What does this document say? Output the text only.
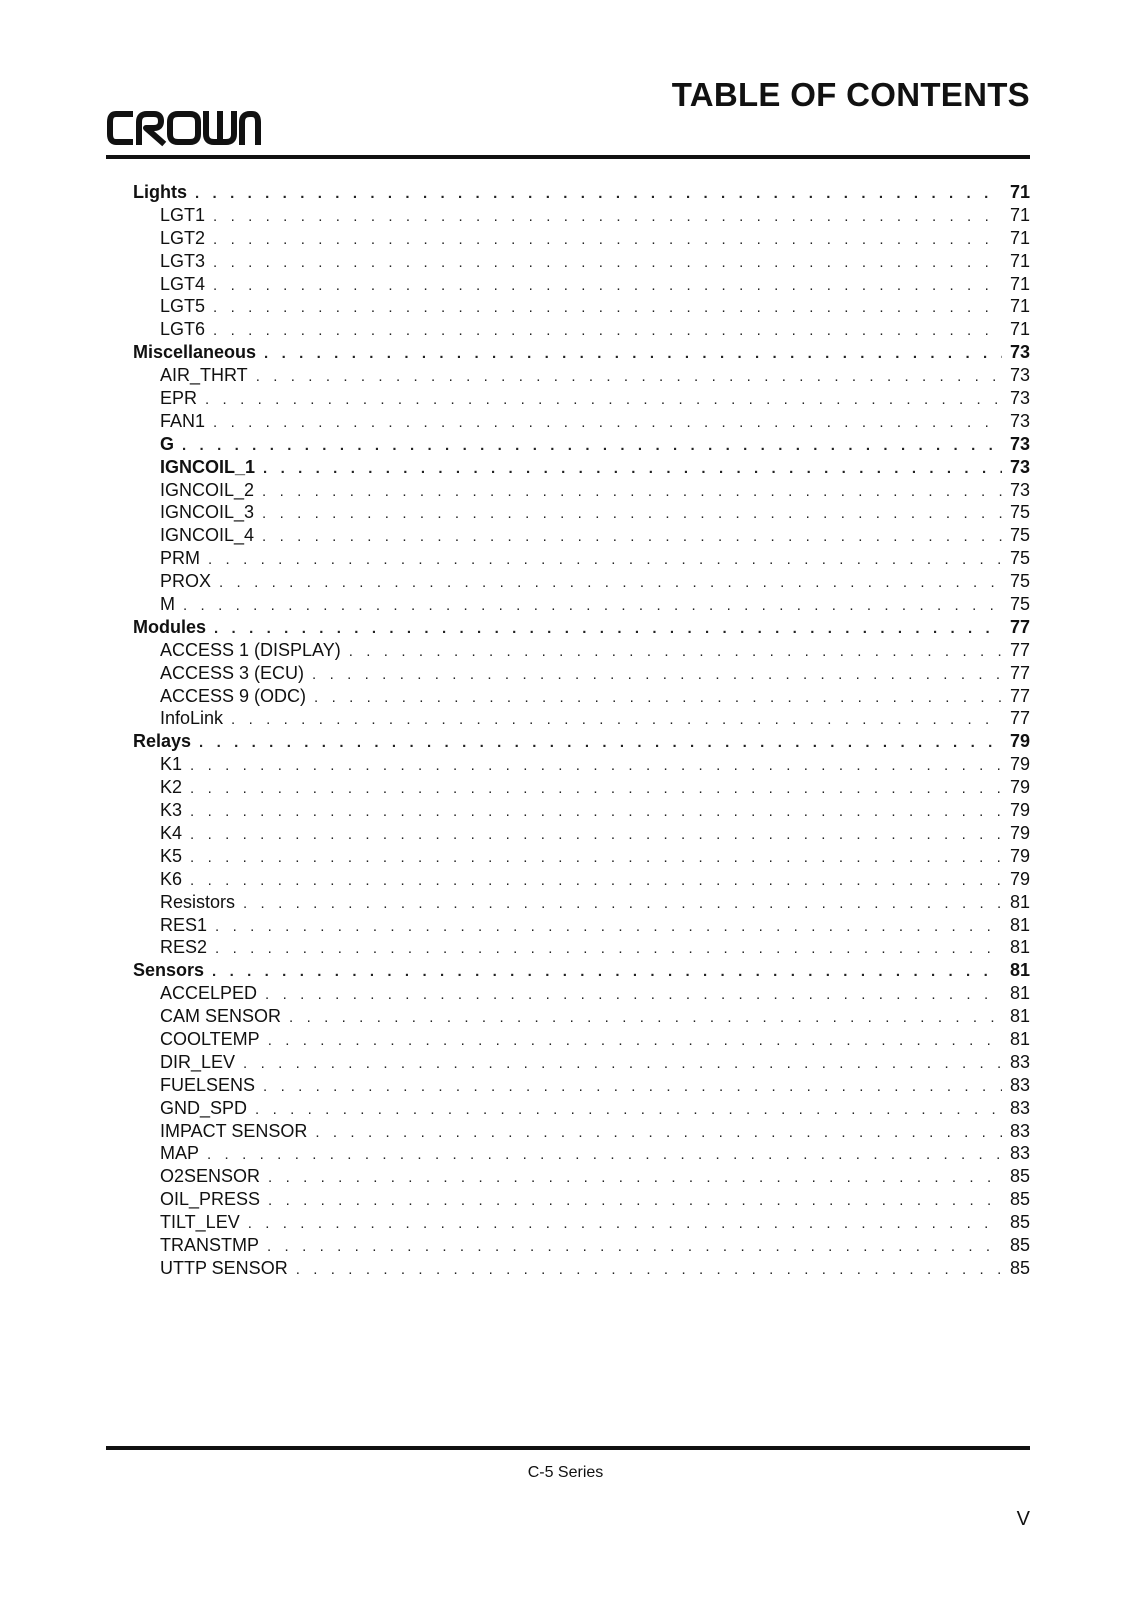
TABLE OF CONTENTS
Lights . . .	71
LGT1 . . .	71
LGT2 . . .	71
LGT3 . . .	71
LGT4 . . .	71
LGT5 . . .	71
LGT6 . . .	71
Miscellaneous . . .	73
AIR_THRT . . .	73
EPR . . .	73
FAN1 . . .	73
G . . .	73
IGNCOIL_1 . . .	73
IGNCOIL_2 . . .	73
IGNCOIL_3 . . .	75
IGNCOIL_4 . . .	75
PRM . . .	75
PROX . . .	75
M . . .	75
Modules . . .	77
ACCESS 1 (DISPLAY) . . .	77
ACCESS 3 (ECU) . . .	77
ACCESS 9 (ODC) . . .	77
InfoLink . . .	77
Relays . . .	79
K1 . . .	79
K2 . . .	79
K3 . . .	79
K4 . . .	79
K5 . . .	79
K6 . . .	79
Resistors . . .	81
RES1 . . .	81
RES2 . . .	81
Sensors . . .	81
ACCELPED . . .	81
CAM SENSOR . . .	81
COOLTEMP . . .	81
DIR_LEV . . .	83
FUELSENS . . .	83
GND_SPD . . .	83
IMPACT SENSOR . . .	83
MAP . . .	83
O2SENSOR . . .	85
OIL_PRESS . . .	85
TILT_LEV . . .	85
TRANSTMP . . .	85
UTTP SENSOR . . .	85
C-5 Series
V
